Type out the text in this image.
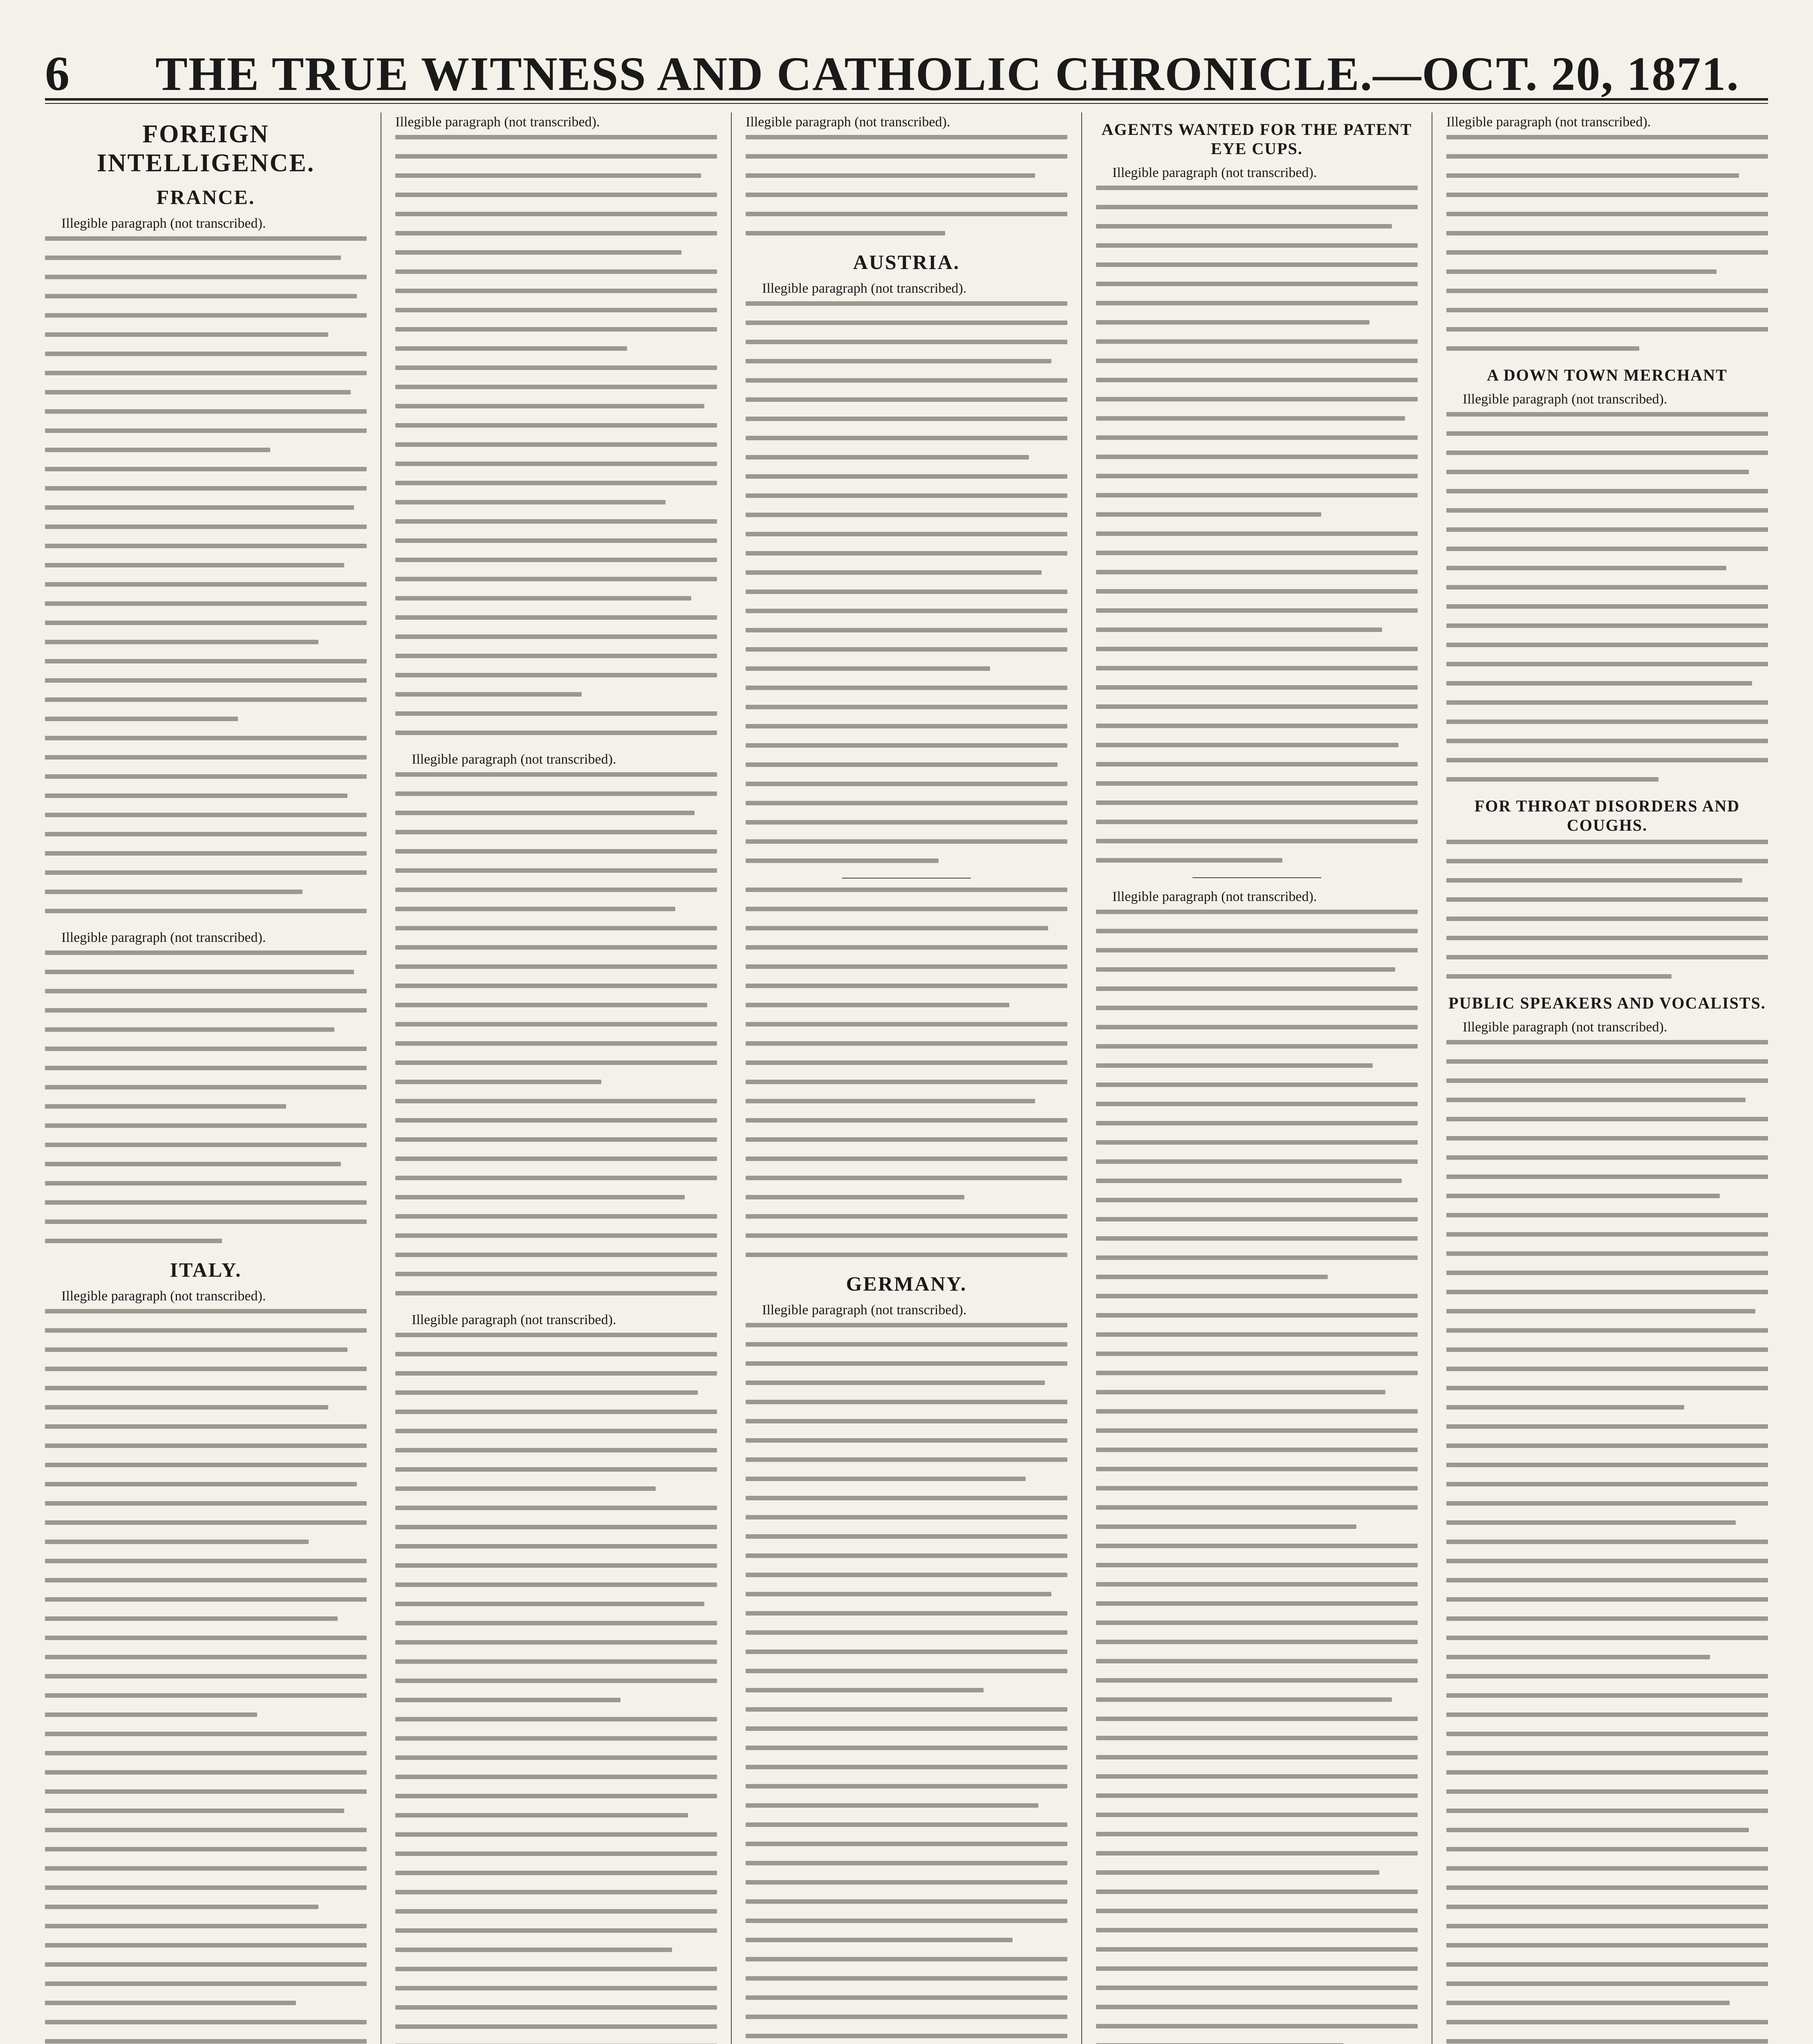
6	THE TRUE WITNESS AND CATHOLIC CHRONICLE.—OCT. 20, 1871.
FOREIGN INTELLIGENCE.
FRANCE.

Illegible paragraph (not transcribed).

Illegible paragraph (not transcribed).

ITALY.

Illegible paragraph (not transcribed).

Illegible paragraph (not transcribed).

Illegible paragraph (not transcribed).

Illegible paragraph (not transcribed).

Illegible paragraph (not transcribed).

AUSTRIA.

Illegible paragraph (not transcribed).

GERMANY.

Illegible paragraph (not transcribed).

AGENTS WANTED FOR THE PATENT EYE CUPS.

Illegible paragraph (not transcribed).

Illegible paragraph (not transcribed).

Illegible paragraph (not transcribed).

A DOWN TOWN MERCHANT

Illegible paragraph (not transcribed).

FOR THROAT DISORDERS AND COUGHS.
PUBLIC SPEAKERS AND VOCALISTS.

Illegible paragraph (not transcribed).
